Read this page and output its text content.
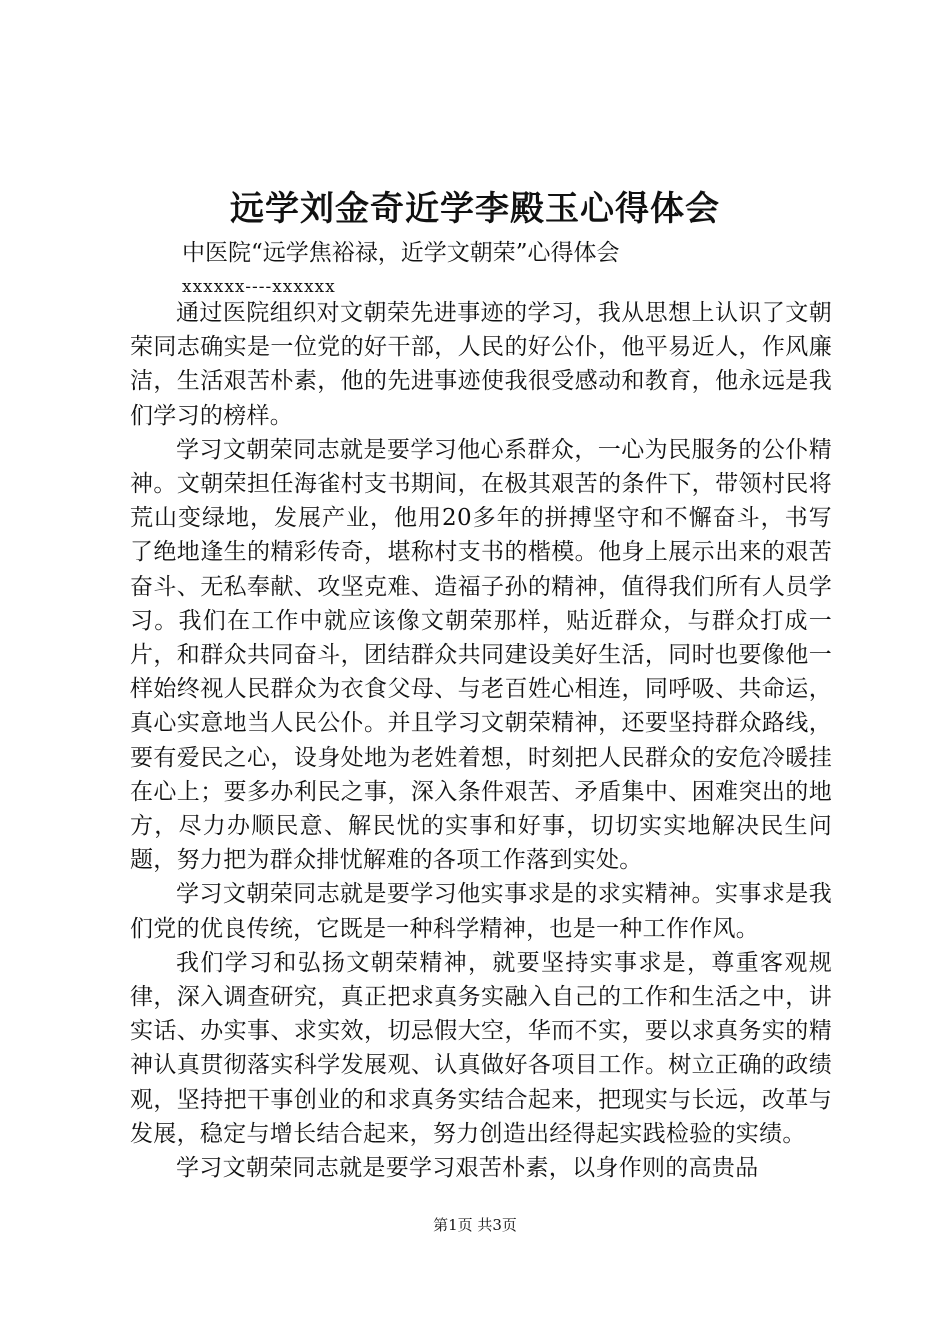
远学刘金奇近学李殿玉心得体会
中医院“远学焦裕禄，近学文朝荣”心得体会
xxxxxx----xxxxxx

通过医院组织对文朝荣先进事迹的学习，我从思想上认识了文朝荣同志确实是一位党的好干部，人民的好公仆，他平易近人，作风廉洁，生活艰苦朴素，他的先进事迹使我很受感动和教育，他永远是我们学习的榜样。

学习文朝荣同志就是要学习他心系群众，一心为民服务的公仆精神。文朝荣担任海雀村支书期间，在极其艰苦的条件下，带领村民将荒山变绿地，发展产业，他用20多年的拼搏坚守和不懈奋斗，书写了绝地逢生的精彩传奇，堪称村支书的楷模。他身上展示出来的艰苦奋斗、无私奉献、攻坚克难、造福子孙的精神，值得我们所有人员学习。我们在工作中就应该像文朝荣那样，贴近群众，与群众打成一片，和群众共同奋斗，团结群众共同建设美好生活，同时也要像他一样始终视人民群众为衣食父母、与老百姓心相连，同呼吸、共命运，真心实意地当人民公仆。并且学习文朝荣精神，还要坚持群众路线，要有爱民之心，设身处地为老姓着想，时刻把人民群众的安危冷暖挂在心上；要多办利民之事，深入条件艰苦、矛盾集中、困难突出的地方，尽力办顺民意、解民忧的实事和好事，切切实实地解决民生问题，努力把为群众排忧解难的各项工作落到实处。

学习文朝荣同志就是要学习他实事求是的求实精神。实事求是我们党的优良传统，它既是一种科学精神，也是一种工作作风。

我们学习和弘扬文朝荣精神，就要坚持实事求是，尊重客观规律，深入调查研究，真正把求真务实融入自己的工作和生活之中，讲实话、办实事、求实效，切忌假大空，华而不实，要以求真务实的精神认真贯彻落实科学发展观、认真做好各项目工作。树立正确的政绩观，坚持把干事创业的和求真务实结合起来，把现实与长远，改革与发展，稳定与增长结合起来，努力创造出经得起实践检验的实绩。

学习文朝荣同志就是要学习艰苦朴素，以身作则的高贵品

第1页 共3页
